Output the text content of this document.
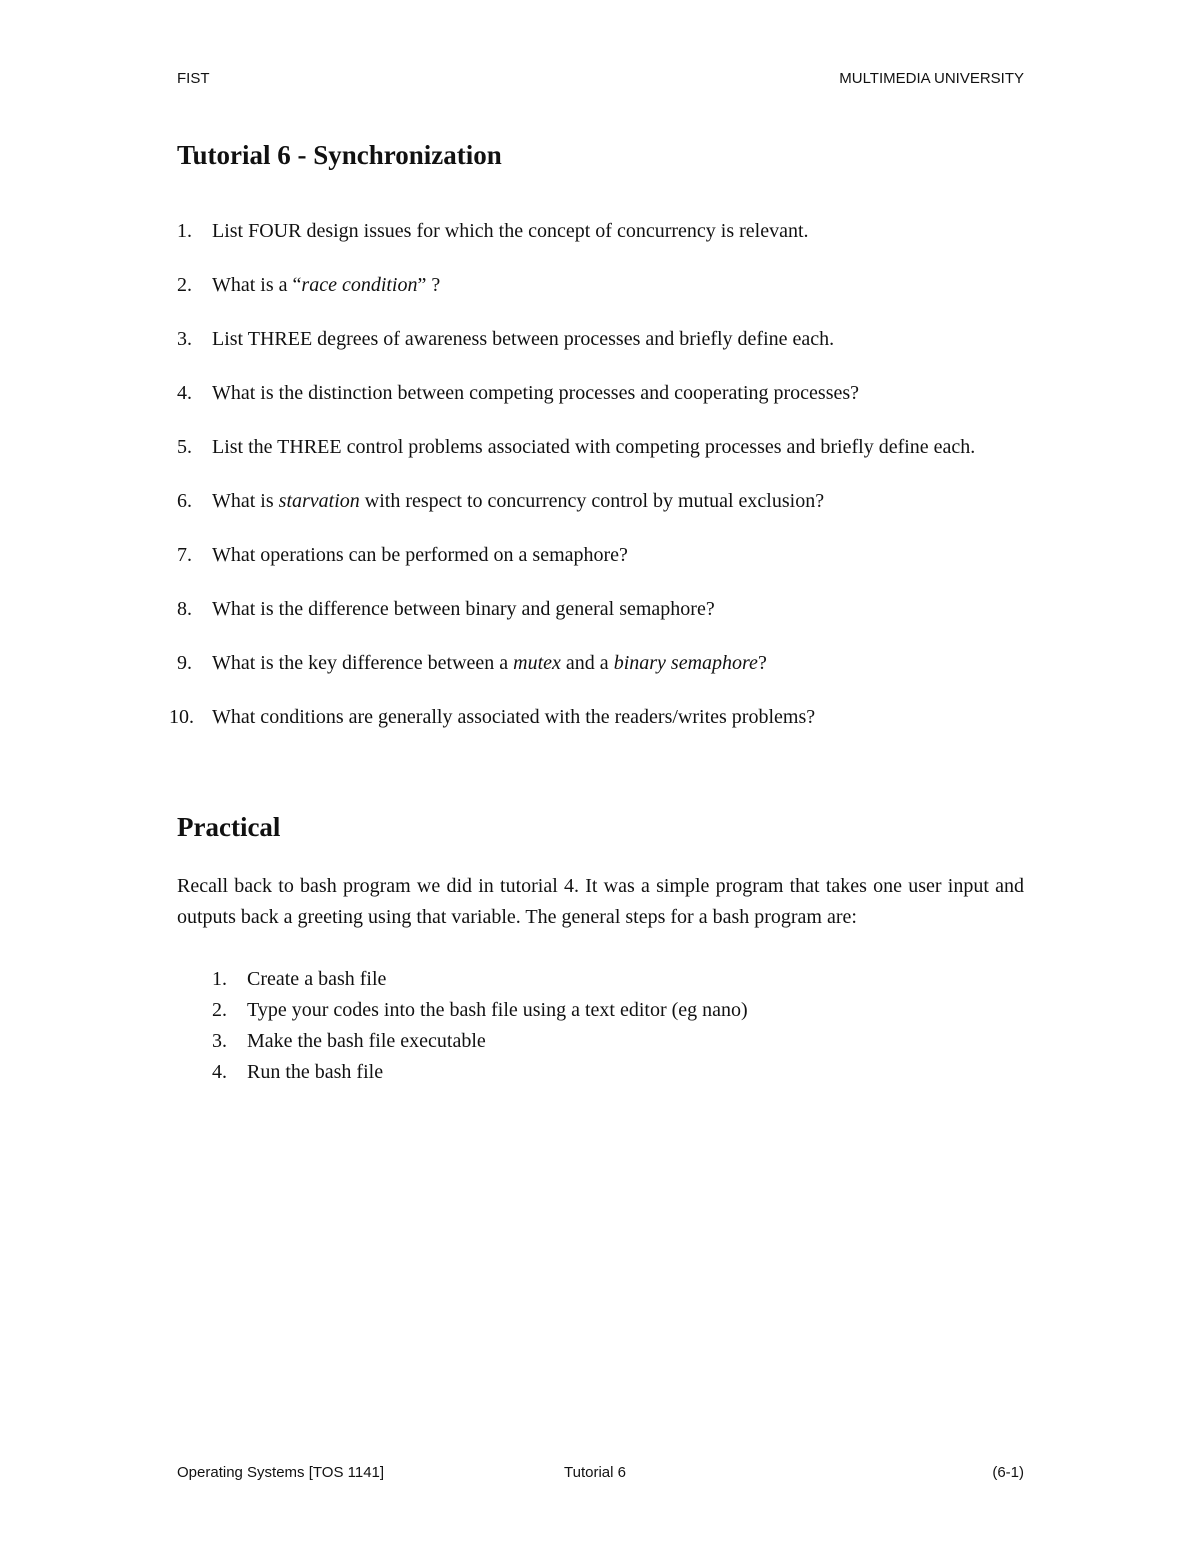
FIST	MULTIMEDIA UNIVERSITY
Tutorial 6 - Synchronization
1. List FOUR design issues for which the concept of concurrency is relevant.
2. What is a “race condition” ?
3. List THREE degrees of awareness between processes and briefly define each.
4. What is the distinction between competing processes and cooperating processes?
5. List the THREE control problems associated with competing processes and briefly define each.
6. What is starvation with respect to concurrency control by mutual exclusion?
7. What operations can be performed on a semaphore?
8. What is the difference between binary and general semaphore?
9. What is the key difference between a mutex and a binary semaphore?
10. What conditions are generally associated with the readers/writes problems?
Practical

Recall back to bash program we did in tutorial 4. It was a simple program that takes one user input and outputs back a greeting using that variable. The general steps for a bash program are:

1. Create a bash file
2. Type your codes into the bash file using a text editor (eg nano)
3. Make the bash file executable
4. Run the bash file
Operating Systems [TOS 1141]	Tutorial 6	(6-1)
